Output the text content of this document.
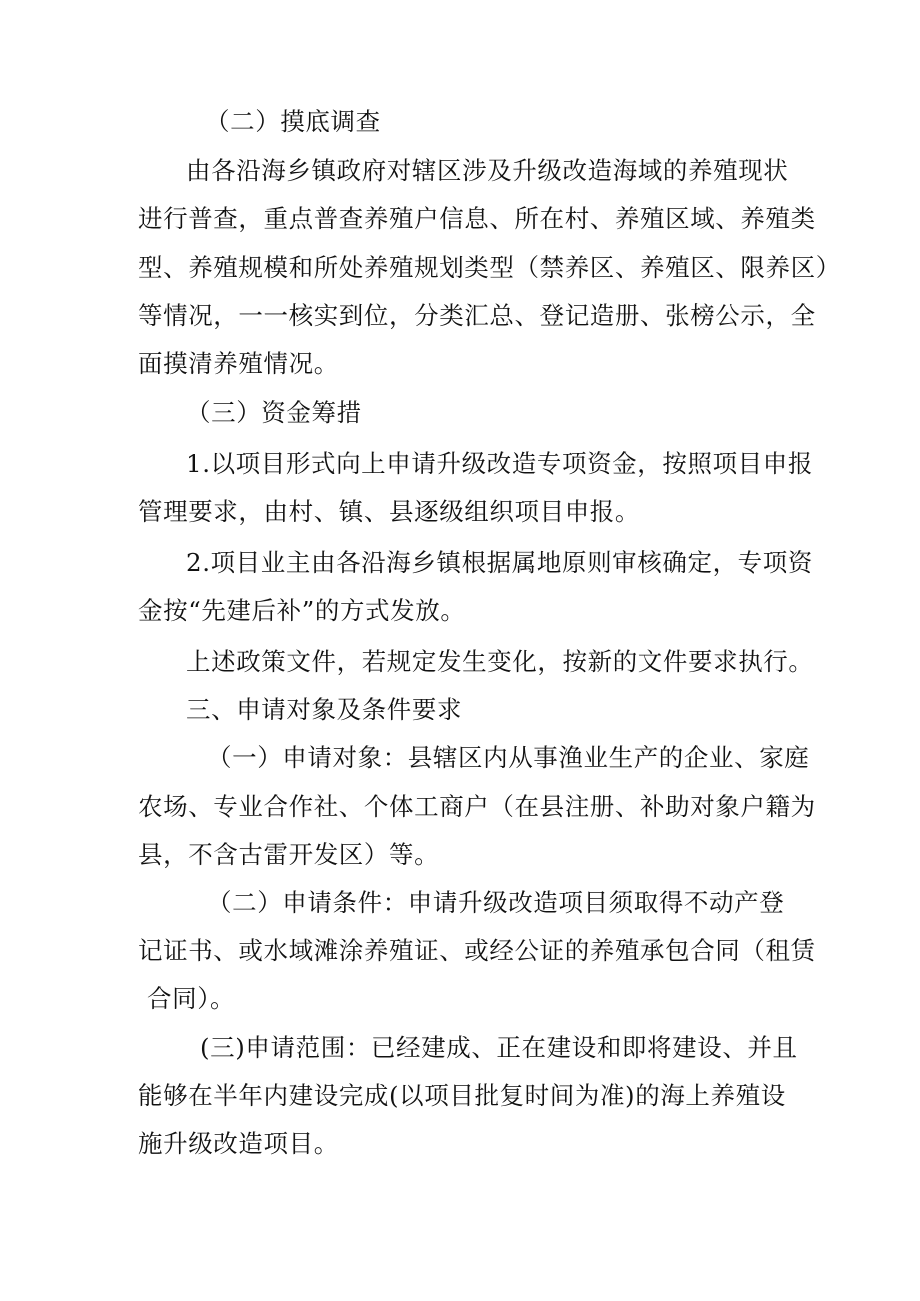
（二）摸底调查

由各沿海乡镇政府对辖区涉及升级改造海域的养殖现状

进行普查，重点普查养殖户信息、所在村、养殖区域、养殖类

型、养殖规模和所处养殖规划类型（禁养区、养殖区、限养区）

等情况，一一核实到位，分类汇总、登记造册、张榜公示，全

面摸清养殖情况。

（三）资金筹措

1.以项目形式向上申请升级改造专项资金，按照项目申报

管理要求，由村、镇、县逐级组织项目申报。

2.项目业主由各沿海乡镇根据属地原则审核确定，专项资

金按“先建后补”的方式发放。

上述政策文件，若规定发生变化，按新的文件要求执行。

三、申请对象及条件要求

（一）申请对象：县辖区内从事渔业生产的企业、家庭

农场、专业合作社、个体工商户（在县注册、补助对象户籍为

县，不含古雷开发区）等。

（二）申请条件：申请升级改造项目须取得不动产登

记证书、或水域滩涂养殖证、或经公证的养殖承包合同（租赁

合同）。

(三)申请范围：已经建成、正在建设和即将建设、并且

能够在半年内建设完成(以项目批复时间为准)的海上养殖设

施升级改造项目。
